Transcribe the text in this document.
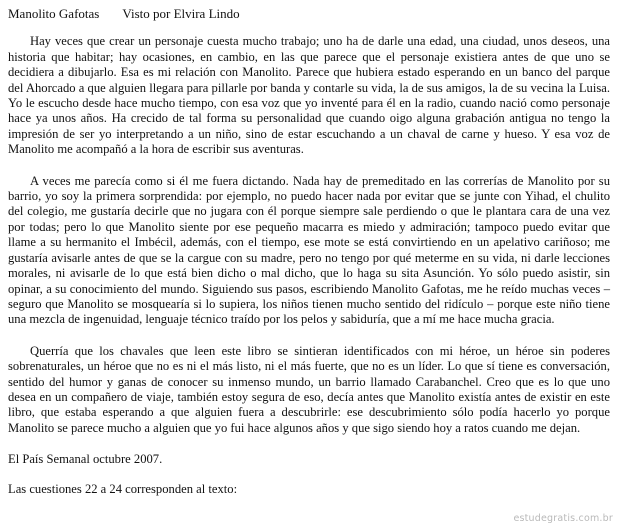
Manolito Gafotas Visto por Elvira Lindo

Hay veces que crear un personaje cuesta mucho trabajo; uno ha de darle una edad, una ciudad, unos deseos, una historia que habitar; hay ocasiones, en cambio, en las que parece que el personaje existiera antes de que uno se decidiera a dibujarlo. Esa es mi relación con Manolito. Parece que hubiera estado esperando en un banco del parque del Ahorcado a que alguien llegara para pillarle por banda y contarle su vida, la de sus amigos, la de su vecina la Luisa. Yo le escucho desde hace mucho tiempo, con esa voz que yo inventé para él en la radio, cuando nació como personaje hace ya unos años. Ha crecido de tal forma su personalidad que cuando oigo alguna grabación antigua no tengo la impresión de ser yo interpretando a un niño, sino de estar escuchando a un chaval de carne y hueso. Y esa voz de Manolito me acompañó a la hora de escribir sus aventuras.

A veces me parecía como si él me fuera dictando. Nada hay de premeditado en las correrías de Manolito por su barrio, yo soy la primera sorprendida: por ejemplo, no puedo hacer nada por evitar que se junte con Yihad, el chulito del colegio, me gustaría decirle que no jugara con él porque siempre sale perdiendo o que le plantara cara de una vez por todas; pero lo que Manolito siente por ese pequeño macarra es miedo y admiración; tampoco puedo evitar que llame a su hermanito el Imbécil, además, con el tiempo, ese mote se está convirtiendo en un apelativo cariñoso; me gustaría avisarle antes de que se la cargue con su madre, pero no tengo por qué meterme en su vida, ni darle lecciones morales, ni avisarle de lo que está bien dicho o mal dicho, que lo haga su sita Asunción. Yo sólo puedo asistir, sin opinar, a su conocimiento del mundo. Siguiendo sus pasos, escribiendo Manolito Gafotas, me he reído muchas veces –seguro que Manolito se mosquearía si lo supiera, los niños tienen mucho sentido del ridículo – porque este niño tiene una mezcla de ingenuidad, lenguaje técnico traído por los pelos y sabiduría, que a mí me hace mucha gracia.

Querría que los chavales que leen este libro se sintieran identificados con mi héroe, un héroe sin poderes sobrenaturales, un héroe que no es ni el más listo, ni el más fuerte, que no es un líder. Lo que sí tiene es conversación, sentido del humor y ganas de conocer su inmenso mundo, un barrio llamado Carabanchel. Creo que es lo que uno desea en un compañero de viaje, también estoy segura de eso, decía antes que Manolito existía antes de existir en este libro, que estaba esperando a que alguien fuera a descubrirle: ese descubrimiento sólo podía hacerlo yo porque Manolito se parece mucho a alguien que yo fui hace algunos años y que sigo siendo hoy a ratos cuando me dejan.

El País Semanal octubre 2007.

Las cuestiones 22 a 24 corresponden al texto:

estudegratis.com.br
